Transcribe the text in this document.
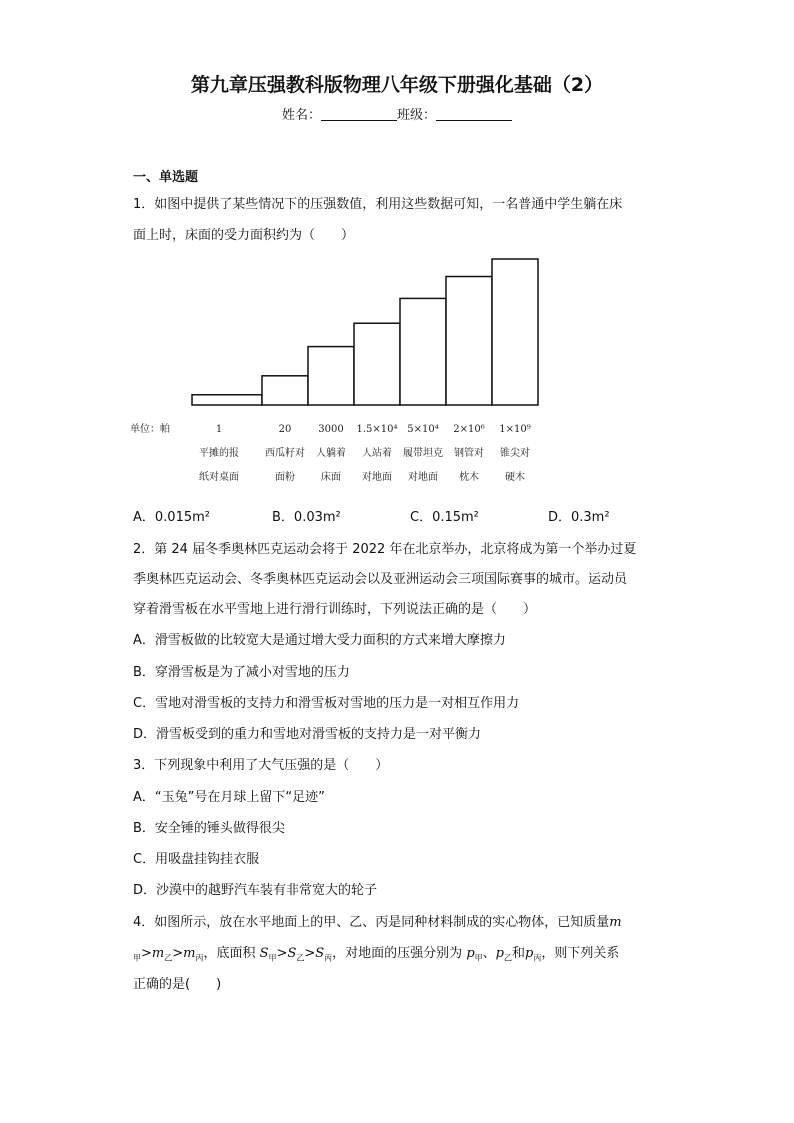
第九章压强教科版物理八年级下册强化基础（2）
姓名：	班级：
一、单选题
1．如图中提供了某些情况下的压强数值，利用这些数据可知，一名普通中学生躺在床
面上时，床面的受力面积约为（　　）
单位：帕	1	20	3000 1.5×10⁴ 5×10⁴ 2×10⁶ 1×10⁹
平摊的报
纸对桌面
西瓜籽对
面粉
人躺着
床面
人站着
对地面
履带坦克
对地面
钢管对
枕木
锥尖对
硬木
A．0.015m²	B．0.03m²	C．0.15m²	D．0.3m²
2．第 24 届冬季奥林匹克运动会将于 2022 年在北京举办，北京将成为第一个举办过夏
季奥林匹克运动会、冬季奥林匹克运动会以及亚洲运动会三项国际赛事的城市。运动员
穿着滑雪板在水平雪地上进行滑行训练时，下列说法正确的是（　　）
A．滑雪板做的比较宽大是通过增大受力面积的方式来增大摩擦力
B．穿滑雪板是为了减小对雪地的压力
C．雪地对滑雪板的支持力和滑雪板对雪地的压力是一对相互作用力
D．滑雪板受到的重力和雪地对滑雪板的支持力是一对平衡力
3．下列现象中利用了大气压强的是（　　）
A．“玉兔”号在月球上留下“足迹”
B．安全锤的锤头做得很尖
C．用吸盘挂钩挂衣服
D．沙漠中的越野汽车装有非常宽大的轮子
4．如图所示，放在水平地面上的甲、乙、丙是同种材料制成的实心物体，已知质量m
$_甲>m_乙>m_丙$，底面积 $S_甲>S_乙>S_丙$，对地面的压强分别为 $p_甲$、$p_乙$和$p_丙$，则下列关系
正确的是(　　)
